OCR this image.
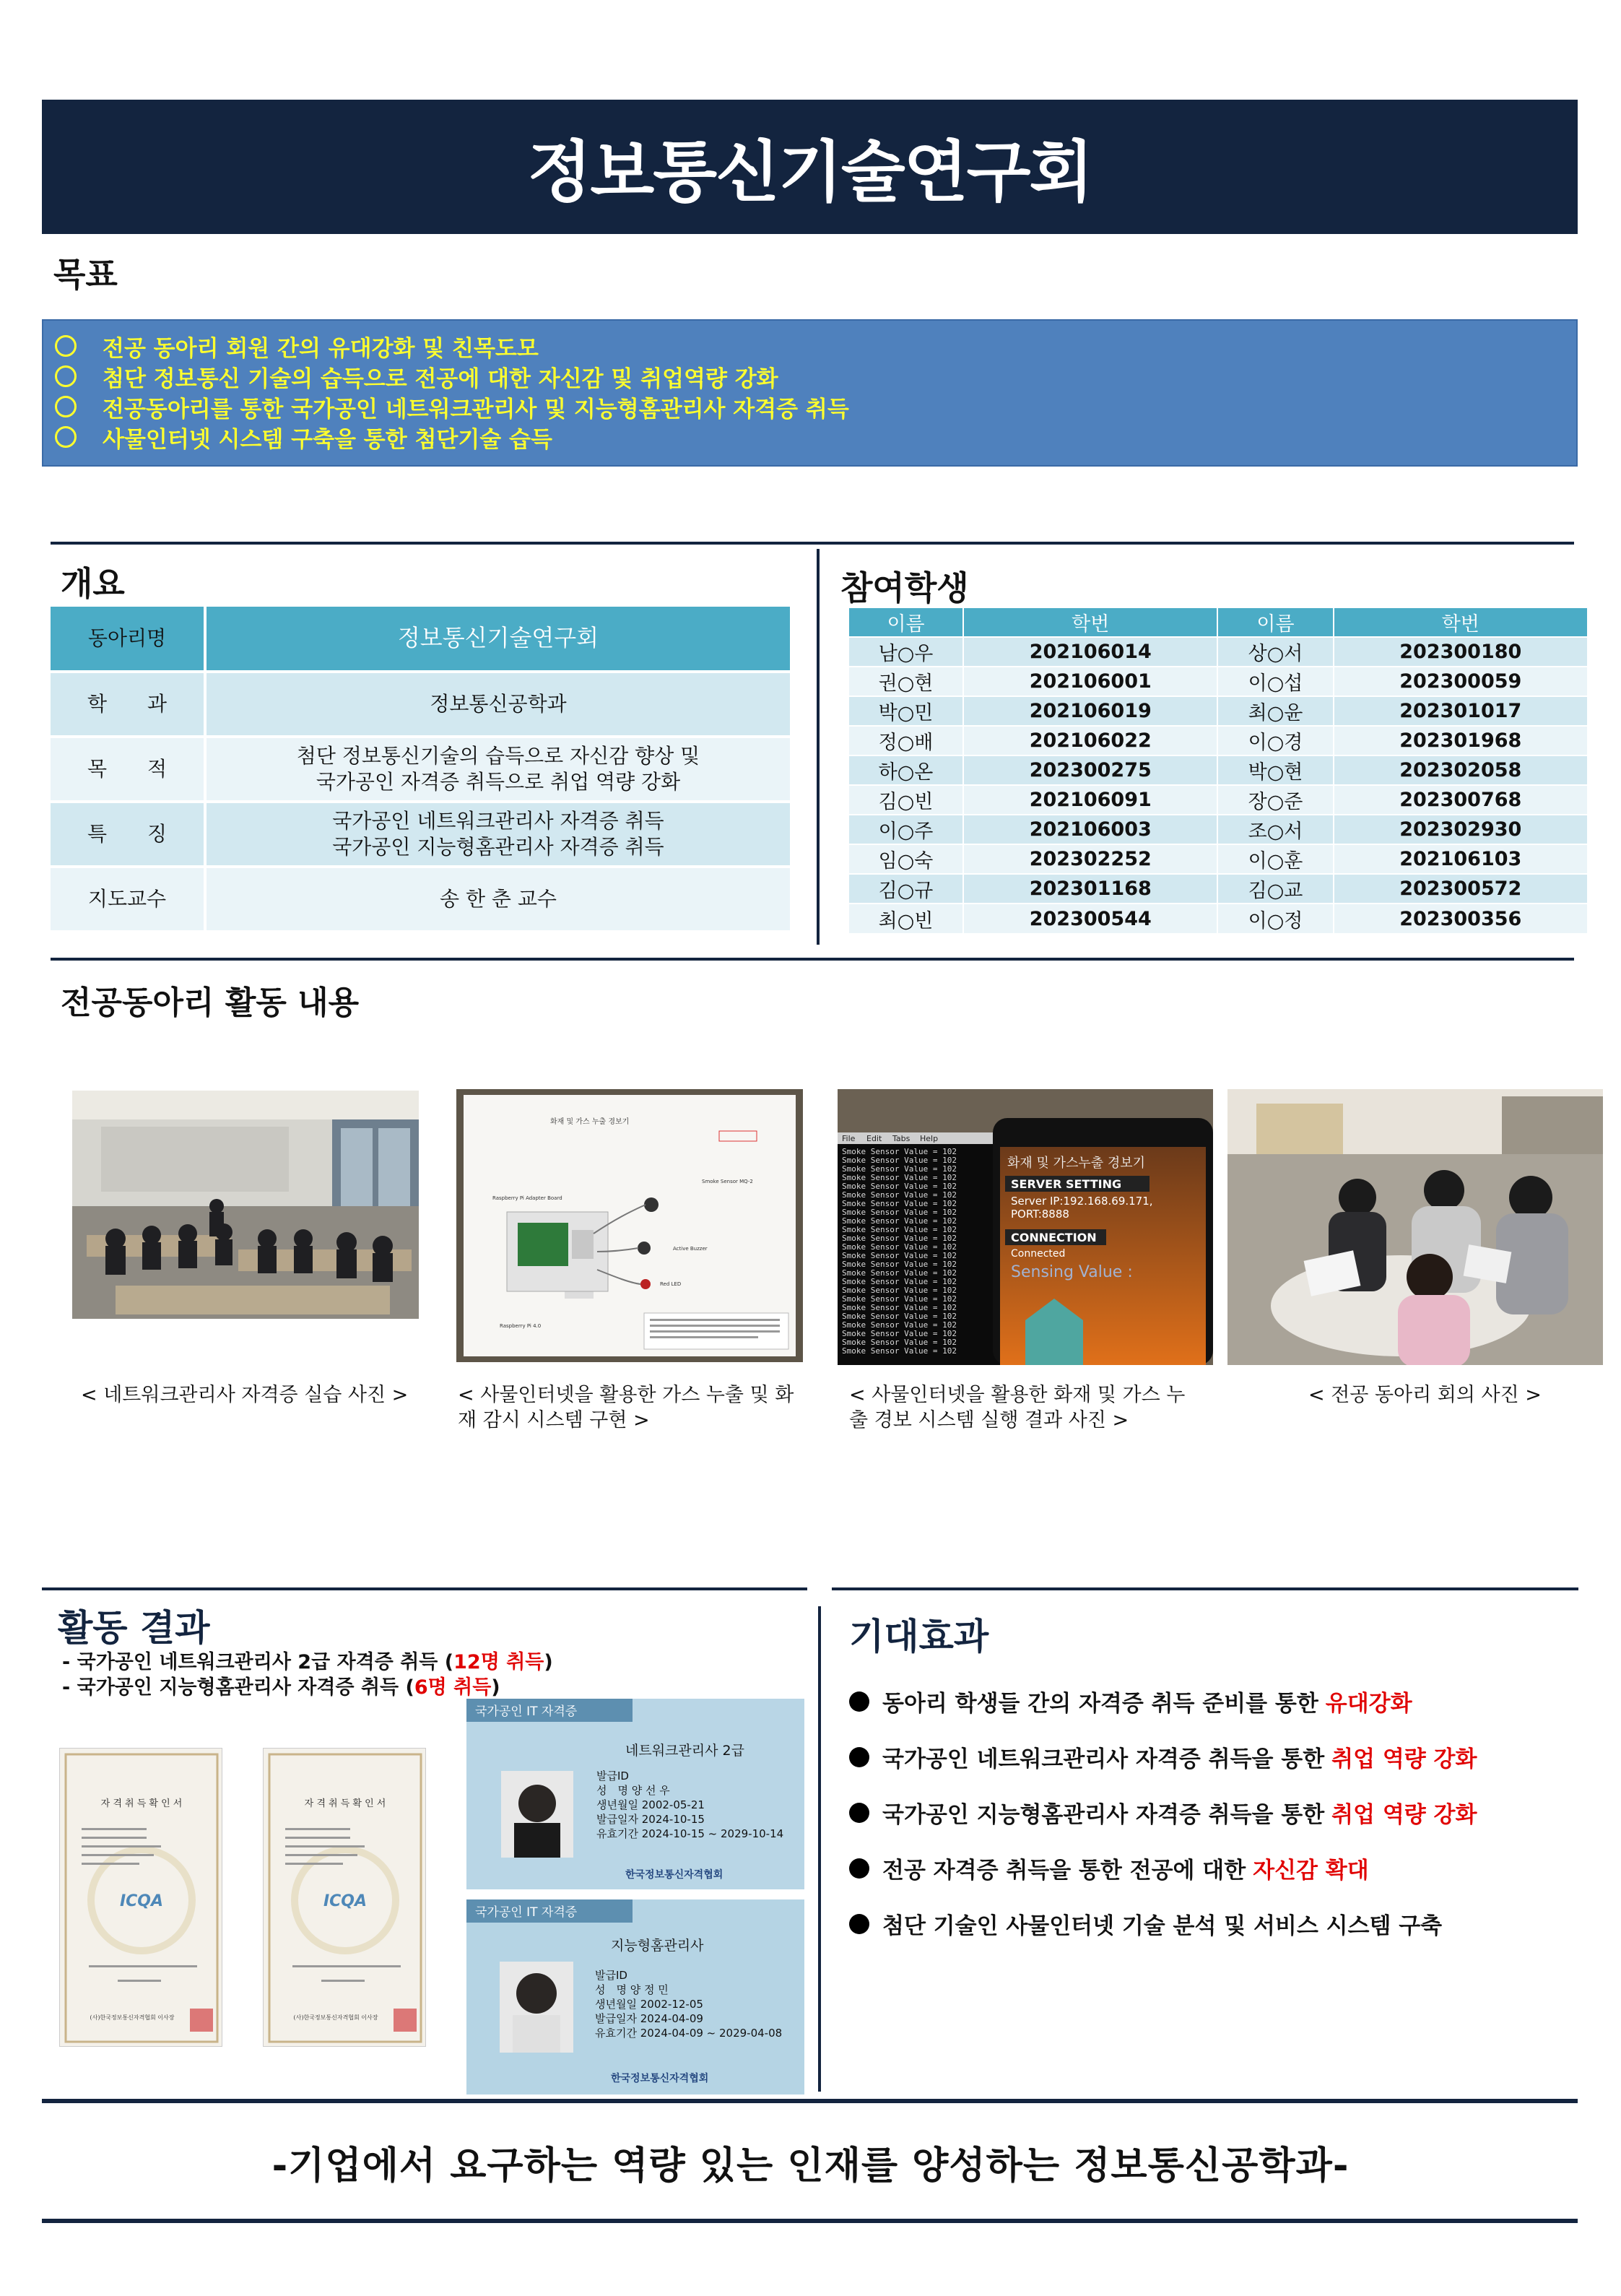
정보통신기술연구회
목표
전공 동아리 회원 간의 유대강화 및 친목도모
첨단 정보통신 기술의 습득으로 전공에 대한 자신감 및 취업역량 강화
전공동아리를 통한 국가공인 네트워크관리사 및 지능형홈관리사 자격증 취득
사물인터넷 시스템 구축을 통한 첨단기술 습득
개요
동아리명	정보통신기술연구회
학　　과	정보통신공학과
목　　적	첨단 정보통신기술의 습득으로 자신감 향상 및
국가공인 자격증 취득으로 취업 역량 강화
특　　징	국가공인 네트워크관리사 자격증 취득
국가공인 지능형홈관리사 자격증 취득
지도교수	송 한 춘 교수
참여학생
이름	학번	이름	학번
남○우	202106014	상○서	202300180
권○현	202106001	이○섭	202300059
박○민	202106019	최○윤	202301017
정○배	202106022	이○경	202301968
하○온	202300275	박○현	202302058
김○빈	202106091	장○준	202300768
이○주	202106003	조○서	202302930
임○숙	202302252	이○훈	202106103
김○규	202301168	김○교	202300572
최○빈	202300544	이○정	202300356
전공동아리 활동 내용
< 네트워크관리사 자격증 실습 사진 >
화재 및 가스 누출 경보기
Raspberry Pi Adapter Board
Smoke Sensor MQ-2
Active Buzzer
Red LED
Raspberry Pi 4.0
< 사물인터넷을 활용한 가스 누출 및 화재 감시 시스템 구현 >
Smoke Sensor Value = 102
Smoke Sensor Value = 102
Smoke Sensor Value = 102
Smoke Sensor Value = 102
Smoke Sensor Value = 102
Smoke Sensor Value = 102
Smoke Sensor Value = 102
Smoke Sensor Value = 102
Smoke Sensor Value = 102
Smoke Sensor Value = 102
Smoke Sensor Value = 102
Smoke Sensor Value = 102
Smoke Sensor Value = 102
Smoke Sensor Value = 102
Smoke Sensor Value = 102
Smoke Sensor Value = 102
Smoke Sensor Value = 102
Smoke Sensor Value = 102
Smoke Sensor Value = 102
Smoke Sensor Value = 102
Smoke Sensor Value = 102
Smoke Sensor Value = 102
Smoke Sensor Value = 102
Smoke Sensor Value = 102
File Edit Tabs Help
화재 및 가스누출 경보기
SERVER SETTING
Server IP:192.168.69.171,
PORT:8888
CONNECTION
Connected
Sensing Value :
< 사물인터넷을 활용한 화재 및 가스 누출 경보 시스템 실행 결과 사진 >
< 전공 동아리 회의 사진 >
활동 결과
- 국가공인 네트워크관리사 2급 자격증 취득 (12명 취득)
- 국가공인 지능형홈관리사 자격증 취득 (6명 취득)
자 격 취 득 확 인 서
ICQA
(사)한국정보통신자격협회 이사장
자 격 취 득 확 인 서
ICQA
(사)한국정보통신자격협회 이사장
국가공인 IT 자격증
네트워크관리사 2급
발급ID
성　명 양 선 우
생년월일 2002-05-21
발급일자 2024-10-15
유효기간 2024-10-15 ~ 2029-10-14
한국정보통신자격협회
국가공인 IT 자격증
지능형홈관리사
발급ID
성　명 양 정 민
생년월일 2002-12-05
발급일자 2024-04-09
유효기간 2024-04-09 ~ 2029-04-08
한국정보통신자격협회
기대효과
동아리 학생들 간의 자격증 취득 준비를 통한 유대강화
국가공인 네트워크관리사 자격증 취득을 통한 취업 역량 강화
국가공인 지능형홈관리사 자격증 취득을 통한 취업 역량 강화
전공 자격증 취득을 통한 전공에 대한 자신감 확대
첨단 기술인 사물인터넷 기술 분석 및 서비스 시스템 구축
-기업에서 요구하는 역량 있는 인재를 양성하는 정보통신공학과-
